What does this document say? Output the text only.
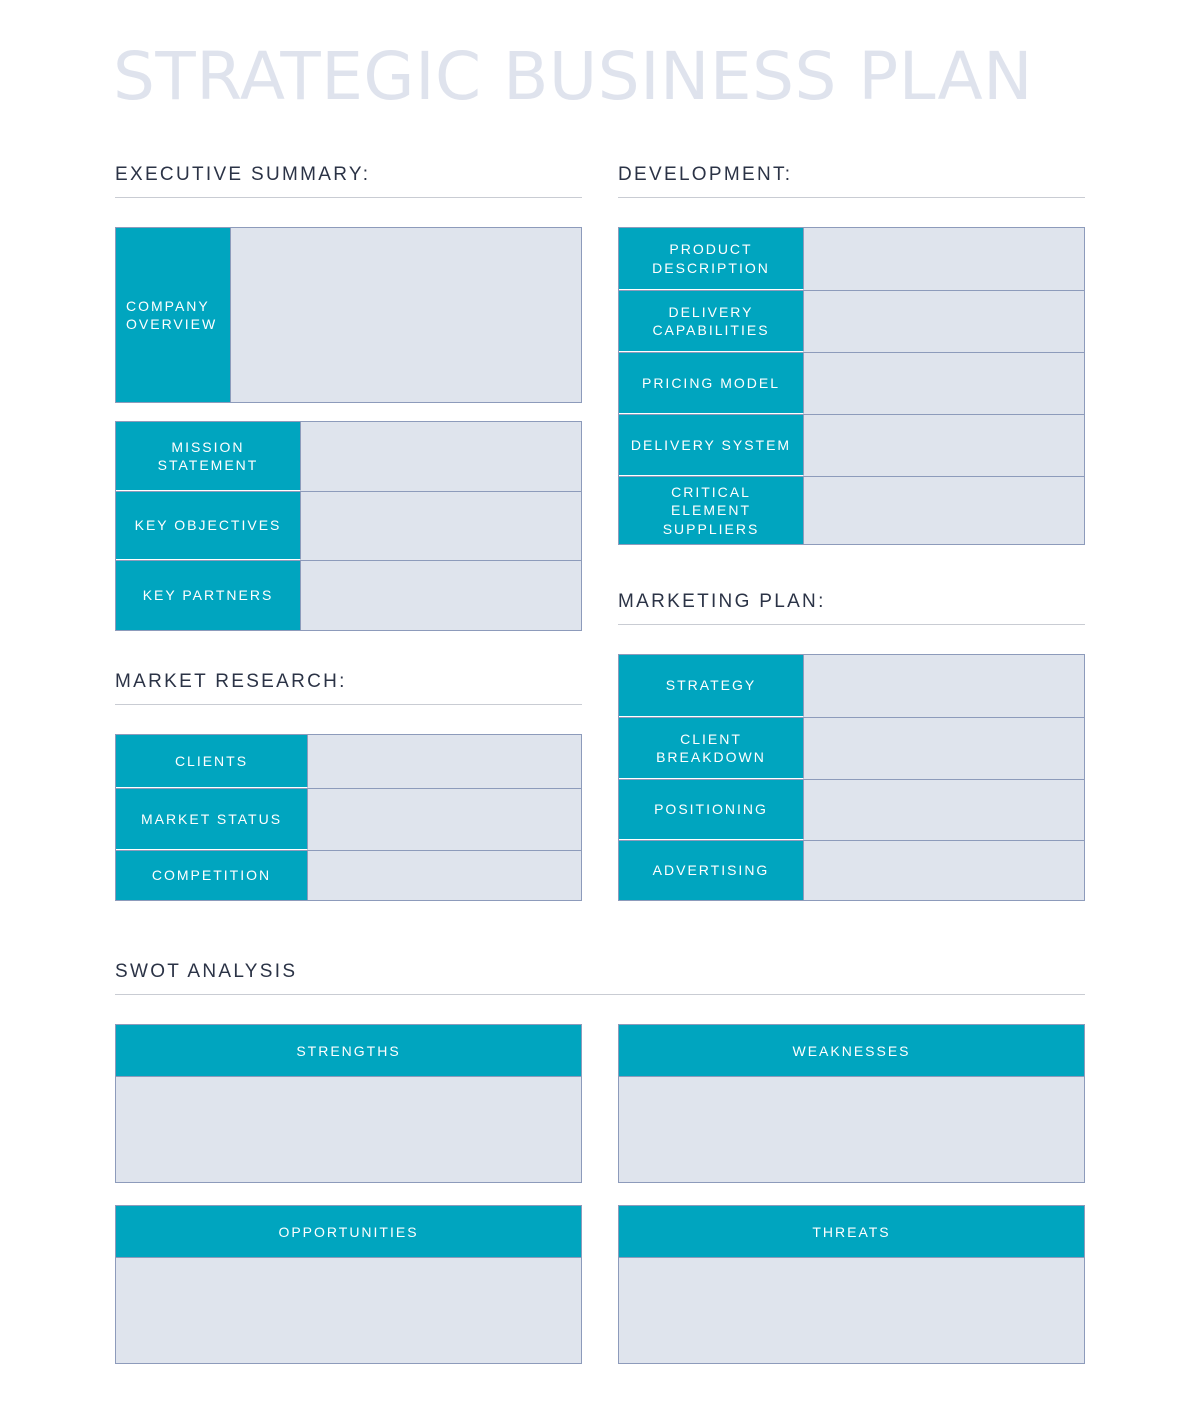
STRATEGIC BUSINESS PLAN
EXECUTIVE SUMMARY:
COMPANY
OVERVIEW
MISSION
STATEMENT
KEY OBJECTIVES
KEY PARTNERS
MARKET RESEARCH:
CLIENTS
MARKET STATUS
COMPETITION
DEVELOPMENT:
PRODUCT
DESCRIPTION
DELIVERY
CAPABILITIES
PRICING MODEL
DELIVERY SYSTEM
CRITICAL
ELEMENT
SUPPLIERS
MARKETING PLAN:
STRATEGY
CLIENT
BREAKDOWN
POSITIONING
ADVERTISING
SWOT ANALYSIS
STRENGTHS	WEAKNESSES
OPPORTUNITIES	THREATS
